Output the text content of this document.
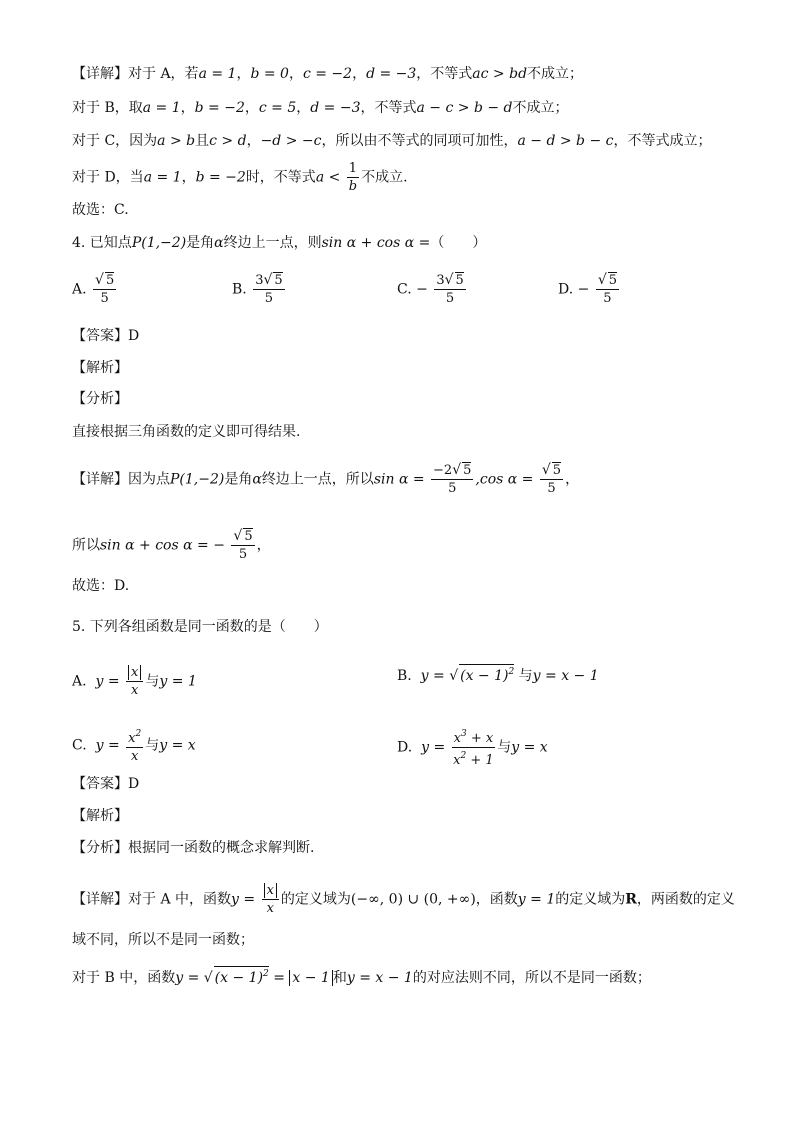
【详解】对于 A，若a = 1，b = 0，c = −2，d = −3，不等式ac > bd不成立；
对于 B，取a = 1，b = −2，c = 5，d = −3，不等式a − c > b − d不成立；
对于 C，因为a > b且c > d，−d > −c，所以由不等式的同项可加性，a − d > b − c，不等式成立；
对于 D，当a = 1，b = −2时，不等式$a < \frac{1}{b}$ 不成立.
故选：C.
4. 已知点P(1,−2)是角α终边上一点，则sin α + cos α =（　　）
A. $\frac{√ 5}{5}$	B. $\frac{3√ 5}{5}$	C. − $\frac{3√ 5}{5}$	D. − $\frac{√ 5}{5}$
【答案】D
【解析】
【分析】
直接根据三角函数的定义即可得结果.
【详解】因为点P(1,−2)是角α终边上一点，所以$\sin \alpha = \frac{-2√ 5}{5} ,\cos$ $\alpha = \frac{√ 5}{5}$ ，
所以sin α + cos α = − $\frac{√ 5}{5}$ ，
故选：D.
5. 下列各组函数是同一函数的是（　　）
A. $y = \frac{x}{x}$ 与y = 1	B. y = √ $(x - 1)^2$ 与y = x − 1
C. $y = \frac{x^2}{x}$ 与y = x	D. $y = \frac{x^3 + x}{x^2 + 1}$ 与y = x
【答案】D
【解析】
【分析】根据同一函数的概念求解判断.
【详解】对于 A 中，函数$y = \frac{x}{x}$ 的定义域为(−∞, 0) ∪ (0, +∞)，函数y = 1的定义域为R，两函数的定义
域不同，所以不是同一函数；
对于 B 中，函数y = √ $(x - 1)^2 = x - 1$ 和y = x − 1的对应法则不同，所以不是同一函数；
